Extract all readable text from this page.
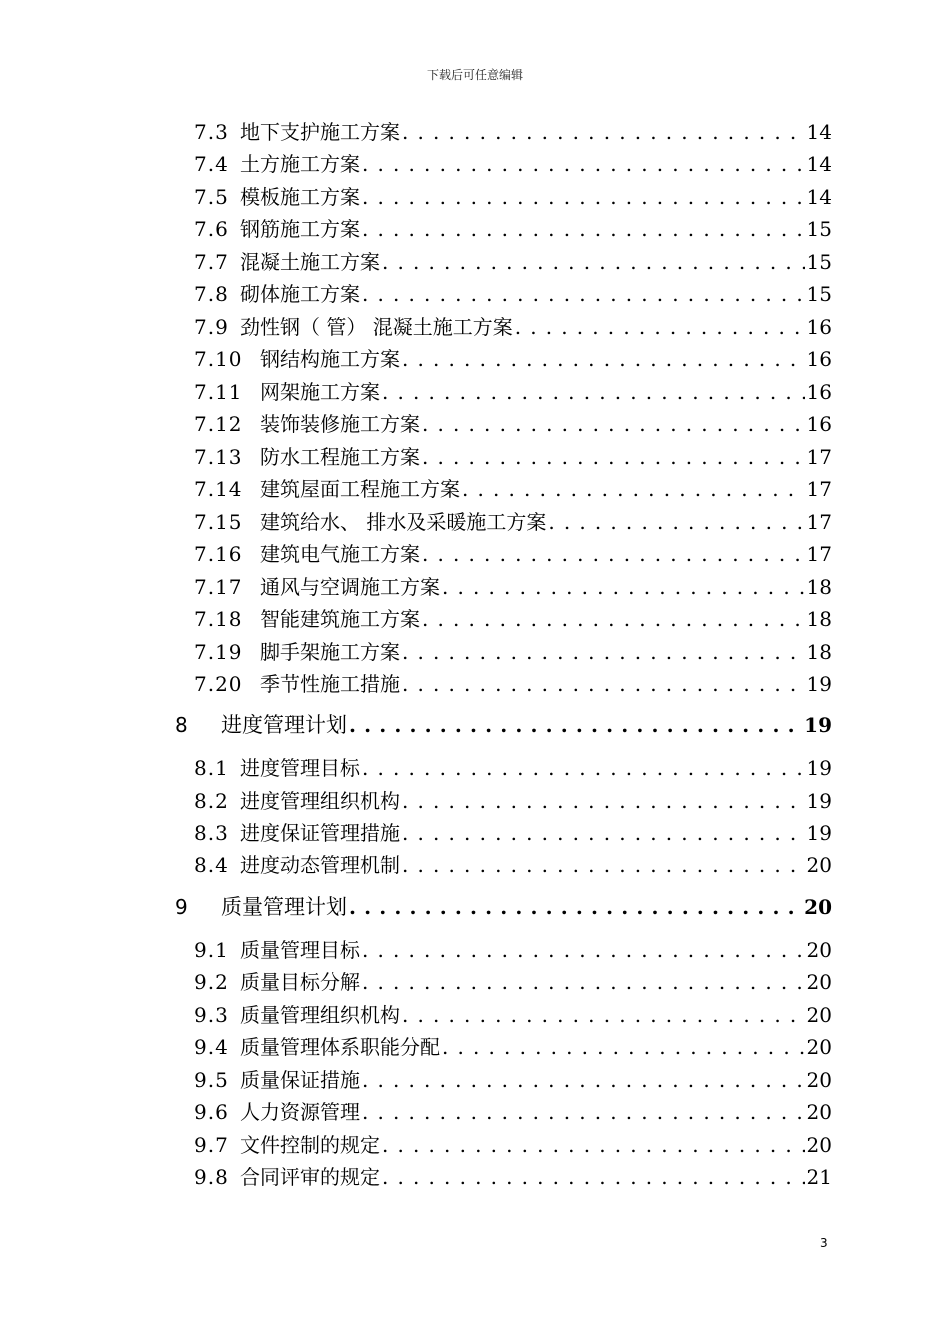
下载后可任意编辑
7.3 地下支护施工方案 . . .	14
7.4 土方施工方案 . . .	14
7.5 模板施工方案 . . .	14
7.6 钢筋施工方案 . . .	15
7.7 混凝土施工方案 . . .	15
7.8 砌体施工方案 . . .	15
7.9 劲性钢（ 管） 混凝土施工方案 . . .	16
7.10 钢结构施工方案 . . .	16
7.11 网架施工方案 . . .	16
7.12 装饰装修施工方案 . . .	16
7.13 防水工程施工方案 . . .	17
7.14 建筑屋面工程施工方案 . . .	17
7.15 建筑给水、 排水及采暖施工方案 . . .	17
7.16 建筑电气施工方案 . . .	17
7.17 通风与空调施工方案 . . .	18
7.18 智能建筑施工方案 . . .	18
7.19 脚手架施工方案 . . .	18
7.20 季节性施工措施 . . .	19
8	进度管理计划 . . .	19
8.1 进度管理目标 . . .	19
8.2 进度管理组织机构 . . .	19
8.3 进度保证管理措施 . . .	19
8.4 进度动态管理机制 . . .	20
9	质量管理计划 . . .	20
9.1 质量管理目标 . . .	20
9.2 质量目标分解 . . .	20
9.3 质量管理组织机构 . . .	20
9.4 质量管理体系职能分配 . . .	20
9.5 质量保证措施 . . .	20
9.6 人力资源管理 . . .	20
9.7 文件控制的规定 . . .	20
9.8 合同评审的规定 . . .	21
3
